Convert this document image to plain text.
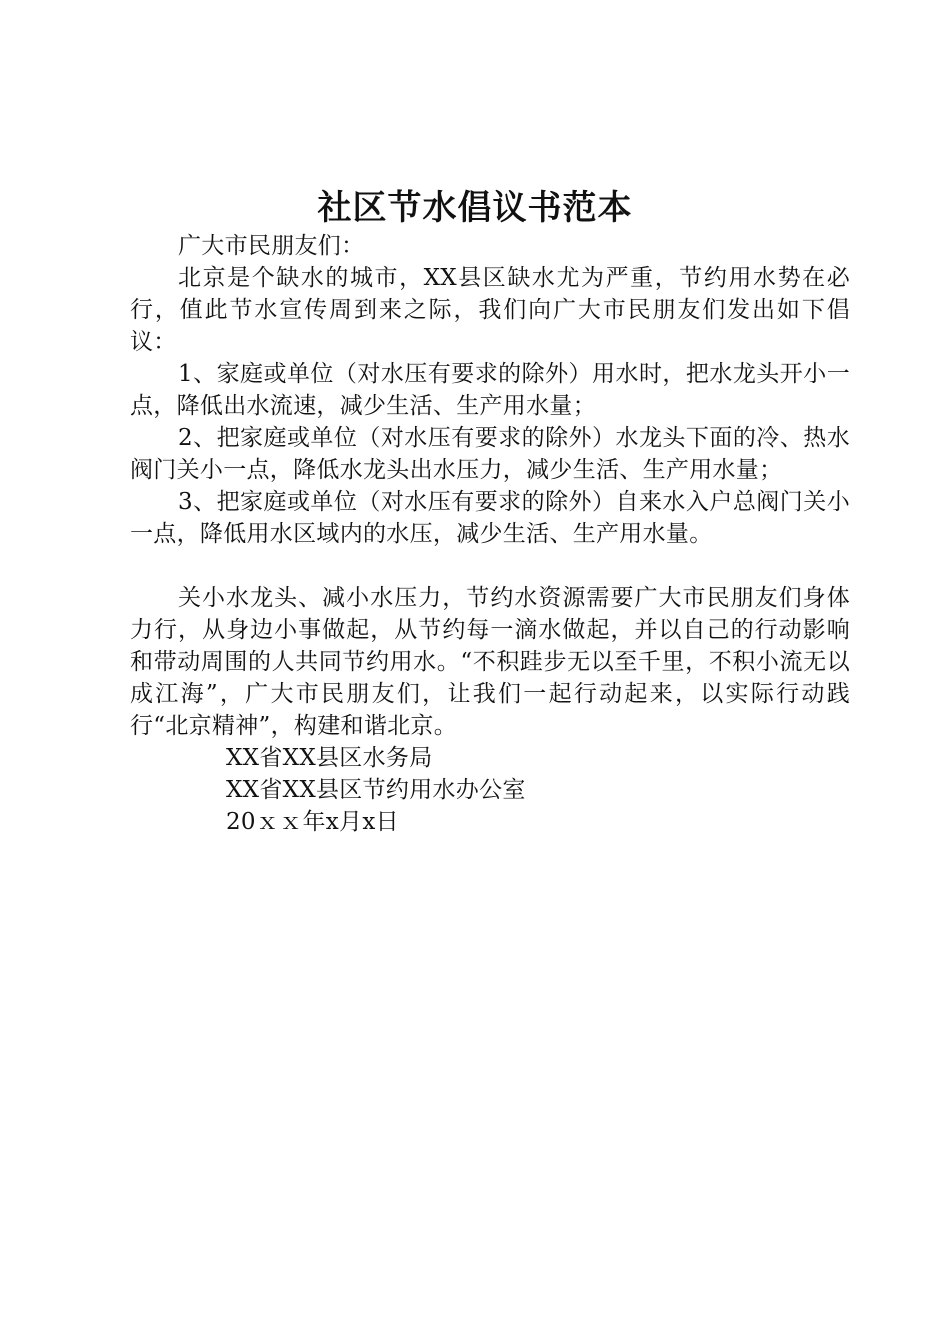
社区节水倡议书范本

广大市民朋友们：

北京是个缺水的城市，XX县区缺水尤为严重，节约用水势在必行，值此节水宣传周到来之际，我们向广大市民朋友们发出如下倡议：

1、家庭或单位（对水压有要求的除外）用水时，把水龙头开小一点，降低出水流速，减少生活、生产用水量；

2、把家庭或单位（对水压有要求的除外）水龙头下面的冷、热水阀门关小一点，降低水龙头出水压力，减少生活、生产用水量；

3、把家庭或单位（对水压有要求的除外）自来水入户总阀门关小一点，降低用水区域内的水压，减少生活、生产用水量。

关小水龙头、减小水压力，节约水资源需要广大市民朋友们身体力行，从身边小事做起，从节约每一滴水做起，并以自己的行动影响和带动周围的人共同节约用水。“不积跬步无以至千里，不积小流无以成江海”，广大市民朋友们，让我们一起行动起来，以实际行动践行“北京精神”，构建和谐北京。

XX省XX县区水务局

XX省XX县区节约用水办公室

20ｘｘ年x月x日
